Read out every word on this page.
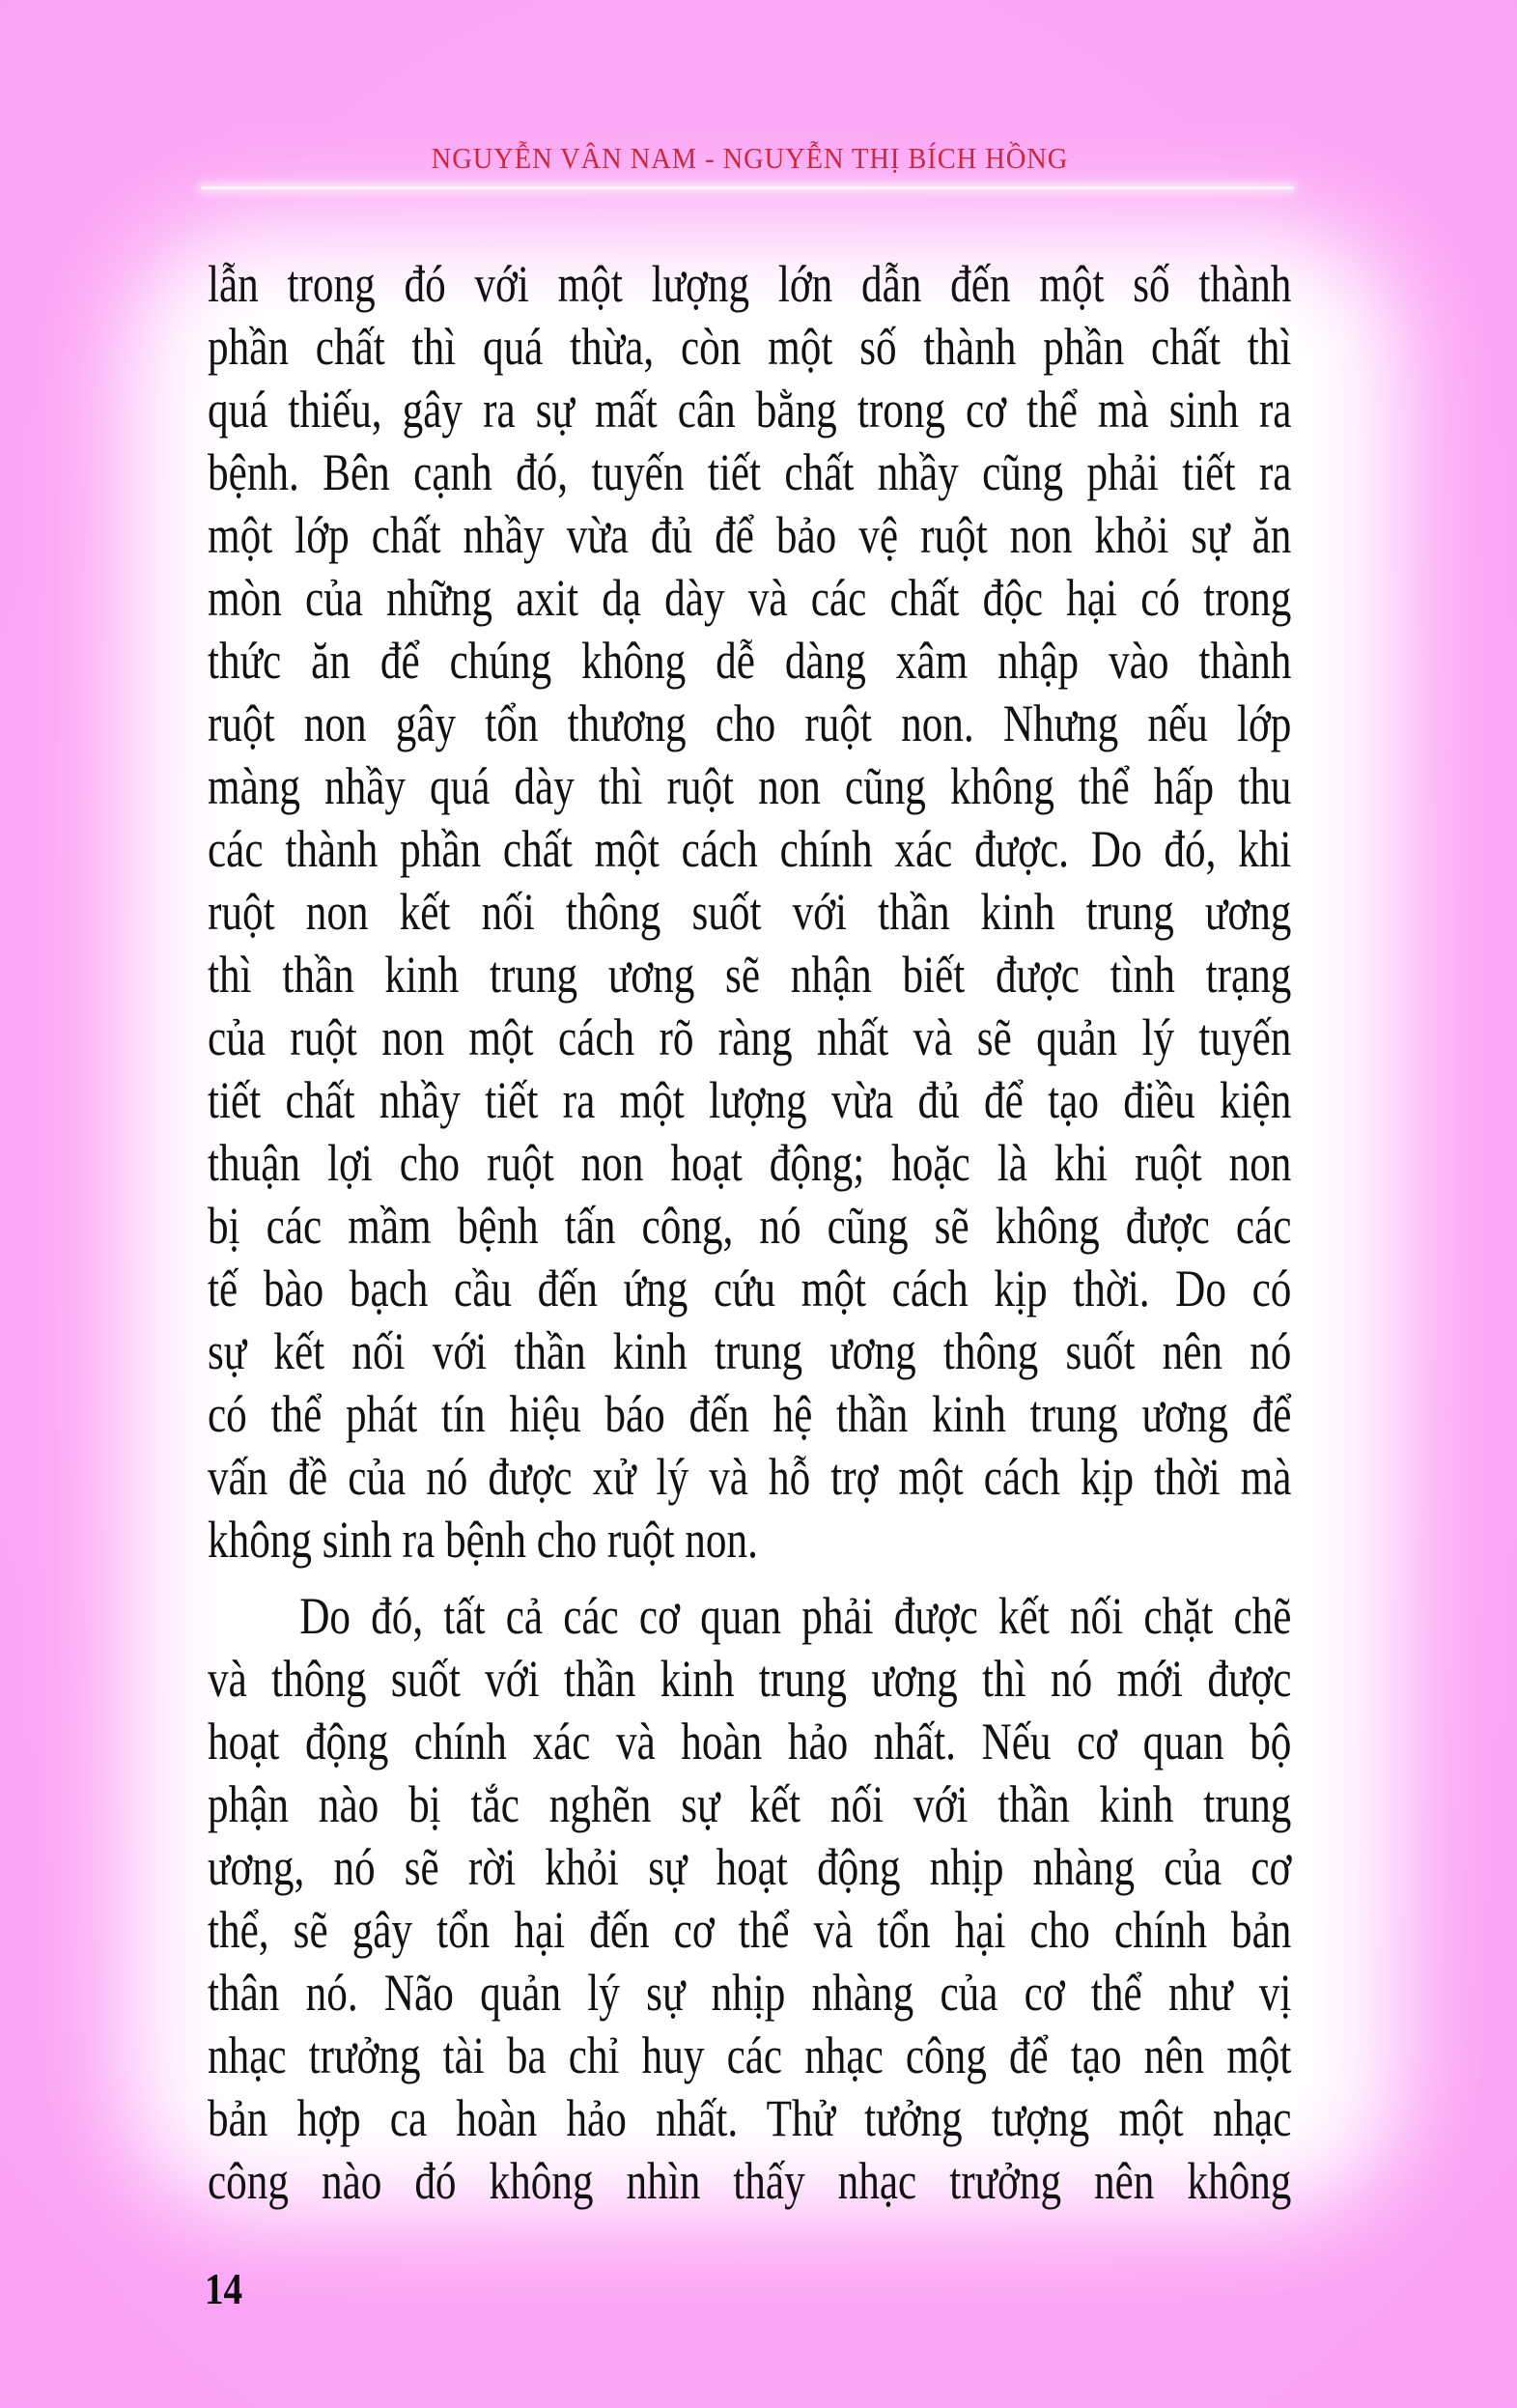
NGUYỄN VÂN NAM - NGUYỄN THỊ BÍCH HỒNG
lẫn trong đó với một lượng lớn dẫn đến một số thành
phần chất thì quá thừa, còn một số thành phần chất thì
quá thiếu, gây ra sự mất cân bằng trong cơ thể mà sinh ra
bệnh. Bên cạnh đó, tuyến tiết chất nhầy cũng phải tiết ra
một lớp chất nhầy vừa đủ để bảo vệ ruột non khỏi sự ăn
mòn của những axit dạ dày và các chất độc hại có trong
thức ăn để chúng không dễ dàng xâm nhập vào thành
ruột non gây tổn thương cho ruột non. Nhưng nếu lớp
màng nhầy quá dày thì ruột non cũng không thể hấp thu
các thành phần chất một cách chính xác được. Do đó, khi
ruột non kết nối thông suốt với thần kinh trung ương
thì thần kinh trung ương sẽ nhận biết được tình trạng
của ruột non một cách rõ ràng nhất và sẽ quản lý tuyến
tiết chất nhầy tiết ra một lượng vừa đủ để tạo điều kiện
thuận lợi cho ruột non hoạt động; hoặc là khi ruột non
bị các mầm bệnh tấn công, nó cũng sẽ không được các
tế bào bạch cầu đến ứng cứu một cách kịp thời. Do có
sự kết nối với thần kinh trung ương thông suốt nên nó
có thể phát tín hiệu báo đến hệ thần kinh trung ương để
vấn đề của nó được xử lý và hỗ trợ một cách kịp thời mà
không sinh ra bệnh cho ruột non.
Do đó, tất cả các cơ quan phải được kết nối chặt chẽ
và thông suốt với thần kinh trung ương thì nó mới được
hoạt động chính xác và hoàn hảo nhất. Nếu cơ quan bộ
phận nào bị tắc nghẽn sự kết nối với thần kinh trung
ương, nó sẽ rời khỏi sự hoạt động nhịp nhàng của cơ
thể, sẽ gây tổn hại đến cơ thể và tổn hại cho chính bản
thân nó. Não quản lý sự nhịp nhàng của cơ thể như vị
nhạc trưởng tài ba chỉ huy các nhạc công để tạo nên một
bản hợp ca hoàn hảo nhất. Thử tưởng tượng một nhạc
công nào đó không nhìn thấy nhạc trưởng nên không
14
